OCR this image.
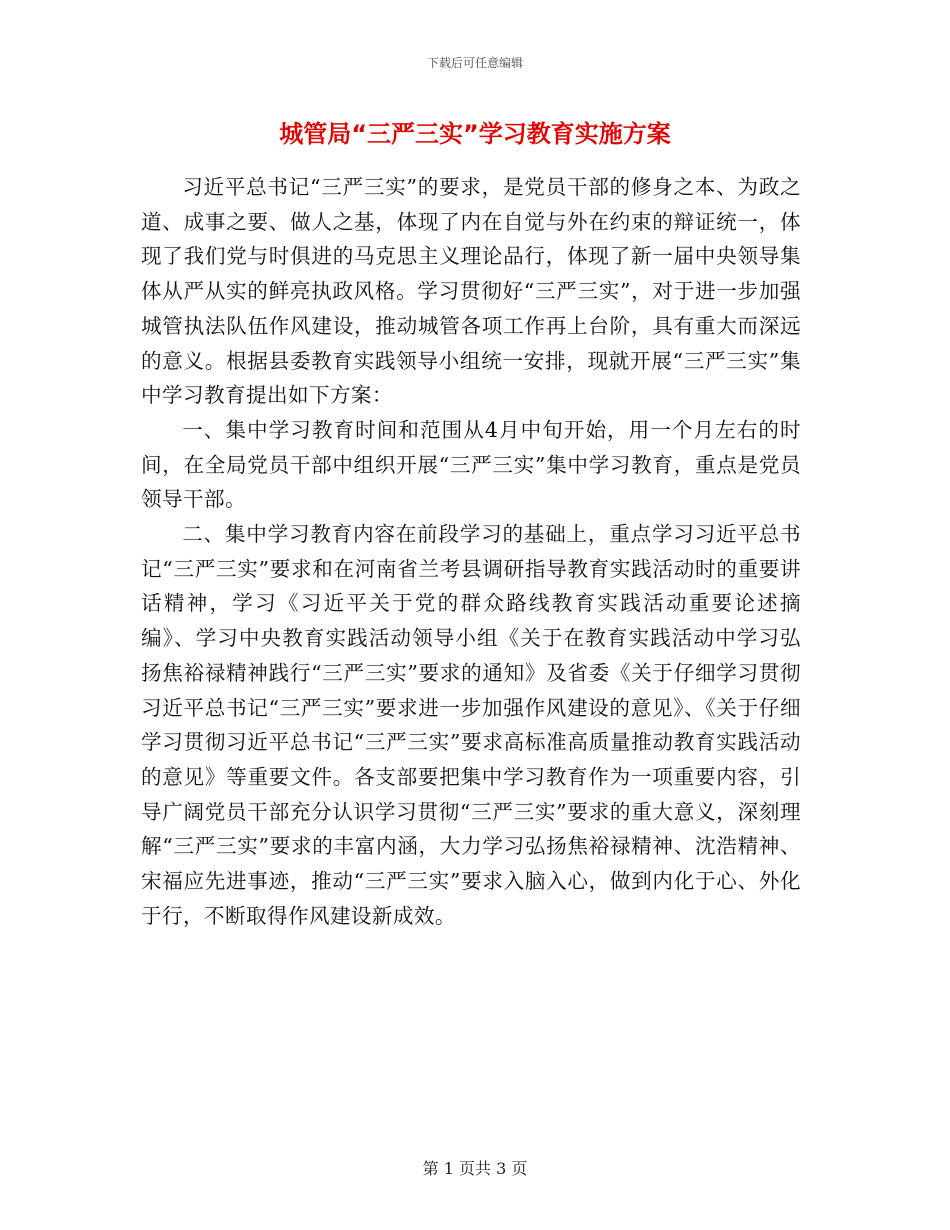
下载后可任意编辑
城管局“三严三实”学习教育实施方案

习近平总书记“三严三实”的要求，是党员干部的修身之本、为政之道、成事之要、做人之基，体现了内在自觉与外在约束的辩证统一，体现了我们党与时俱进的马克思主义理论品行，体现了新一届中央领导集体从严从实的鲜亮执政风格。学习贯彻好“三严三实”，对于进一步加强城管执法队伍作风建设，推动城管各项工作再上台阶，具有重大而深远的意义。根据县委教育实践领导小组统一安排，现就开展“三严三实”集中学习教育提出如下方案：

一、集中学习教育时间和范围从4月中旬开始，用一个月左右的时间，在全局党员干部中组织开展“三严三实”集中学习教育，重点是党员领导干部。

二、集中学习教育内容在前段学习的基础上，重点学习习近平总书记“三严三实”要求和在河南省兰考县调研指导教育实践活动时的重要讲话精神，学习《习近平关于党的群众路线教育实践活动重要论述摘编》、学习中央教育实践活动领导小组《关于在教育实践活动中学习弘扬焦裕禄精神践行“三严三实”要求的通知》及省委《关于仔细学习贯彻习近平总书记“三严三实”要求进一步加强作风建设的意见》、《关于仔细学习贯彻习近平总书记“三严三实”要求高标准高质量推动教育实践活动的意见》等重要文件。各支部要把集中学习教育作为一项重要内容，引导广阔党员干部充分认识学习贯彻“三严三实”要求的重大意义，深刻理解“三严三实”要求的丰富内涵，大力学习弘扬焦裕禄精神、沈浩精神、宋福应先进事迹，推动“三严三实”要求入脑入心，做到内化于心、外化于行，不断取得作风建设新成效。

第 1 页共 3 页
